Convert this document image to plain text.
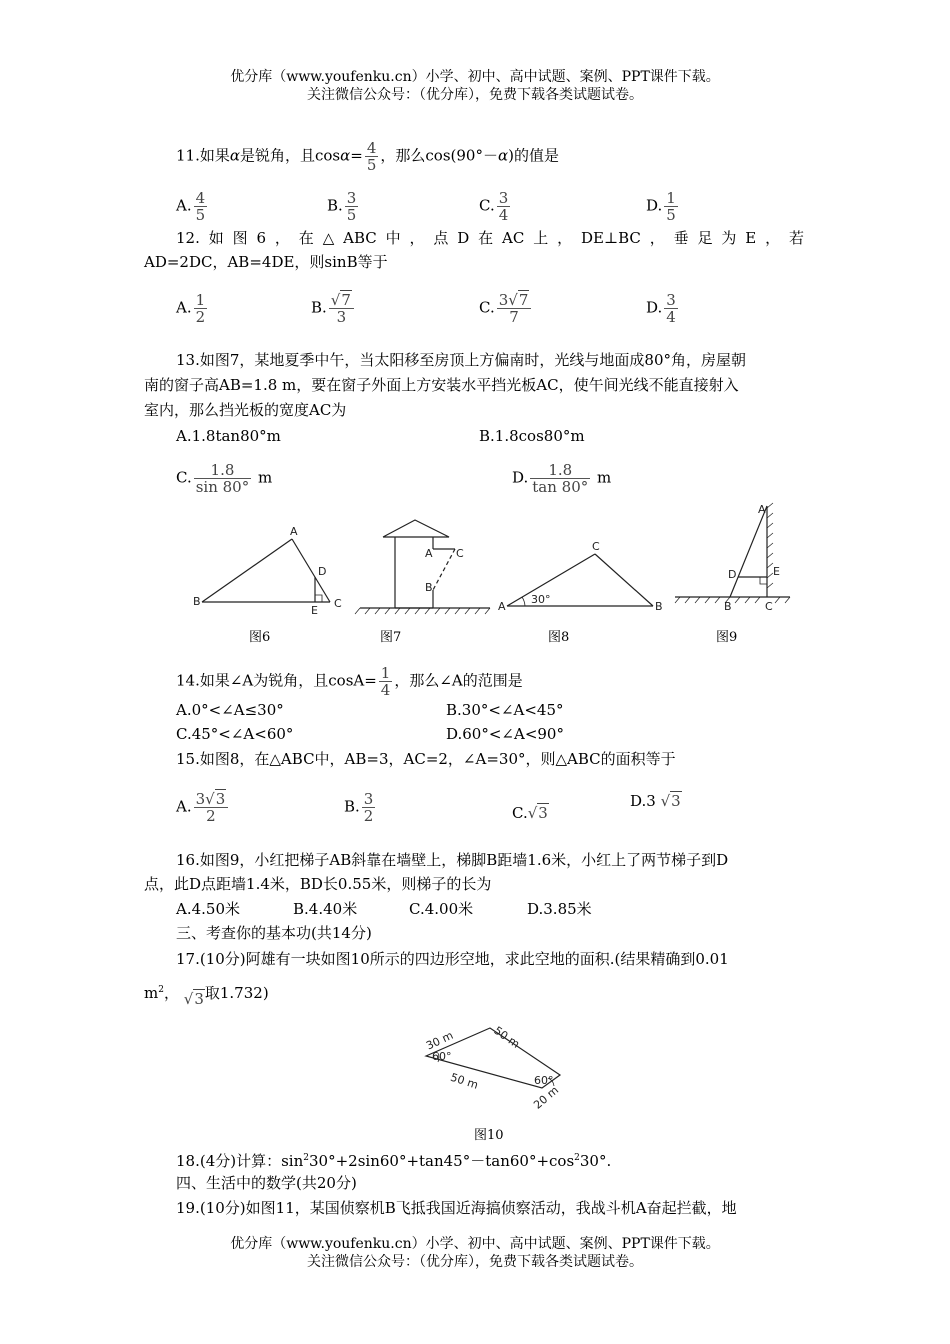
优分库（www.youfenku.cn）小学、初中、高中试题、案例、PPT课件下载。
关注微信公众号：（优分库），免费下载各类试题试卷。
11.如果α是锐角，且$\cos\alpha= \frac{4}{5}$ ，那么cos(90°－α)的值是
A. $\frac{4}{5}$	B. $\frac{3}{5}$	C. $\frac{3}{4}$	D. $\frac{1}{5}$
12.如图6，在△ABC中，点D在AC上，DE⊥BC，垂足为E，若
AD=2DC，AB=4DE，则sinB等于
A. $\frac{1}{2}$	B. $\frac{√7}{3}$	C. $\frac{3√7}{7}$	D. $\frac{3}{4}$
13.如图7，某地夏季中午，当太阳移至房顶上方偏南时，光线与地面成80°角，房屋朝
南的窗子高AB=1.8 m，要在窗子外面上方安装水平挡光板AC，使午间光线不能直接射入
室内，那么挡光板的宽度AC为
A.1.8tan80°m	B.1.8cos80°m
C. $\frac{1.8}{\sin 80^\circ}$ m	D. $\frac{1.8}{\tan 80^\circ}$ m
A
B	C
D
E
A
B
C
A	B
C
30°
A
B	C
D	E
图6	图7	图8	图9
14.如果∠A为锐角，且$\cos A= \frac{1}{4}$ ，那么∠A的范围是
A.0°<∠A≤30°	B.30°<∠A<45°
C.45°<∠A<60°	D.60°<∠A<90°
15.如图8，在△ABC中，AB=3，AC=2，∠A=30°，则△ABC的面积等于
A. $\frac{3√3}{2}$	B. $\frac{3}{2}$	C.√3
D.3 √3
16.如图9，小红把梯子AB斜靠在墙壁上，梯脚B距墙1.6米，小红上了两节梯子到D
点，此D点距墙1.4米，BD长0.55米，则梯子的长为
A.4.50米	B.4.40米	C.4.00米	D.3.85米
三、考查你的基本功(共14分)
17.(10分)阿雄有一块如图10所示的四边形空地，求此空地的面积.(结果精确到0.01
$m^2$， √3取1.732)
30 m	50 m
50 m
20 m
60°
60°
图10
18.(4分)计算：$\sin^230^\circ+2\sin 60^\circ+\tan 45^\circ-\tan 60^\circ+\cos^230^\circ$.
四、生活中的数学(共20分)
19.(10分)如图11，某国侦察机B飞抵我国近海搞侦察活动，我战斗机A奋起拦截，地
优分库（www.youfenku.cn）小学、初中、高中试题、案例、PPT课件下载。
关注微信公众号：（优分库），免费下载各类试题试卷。
